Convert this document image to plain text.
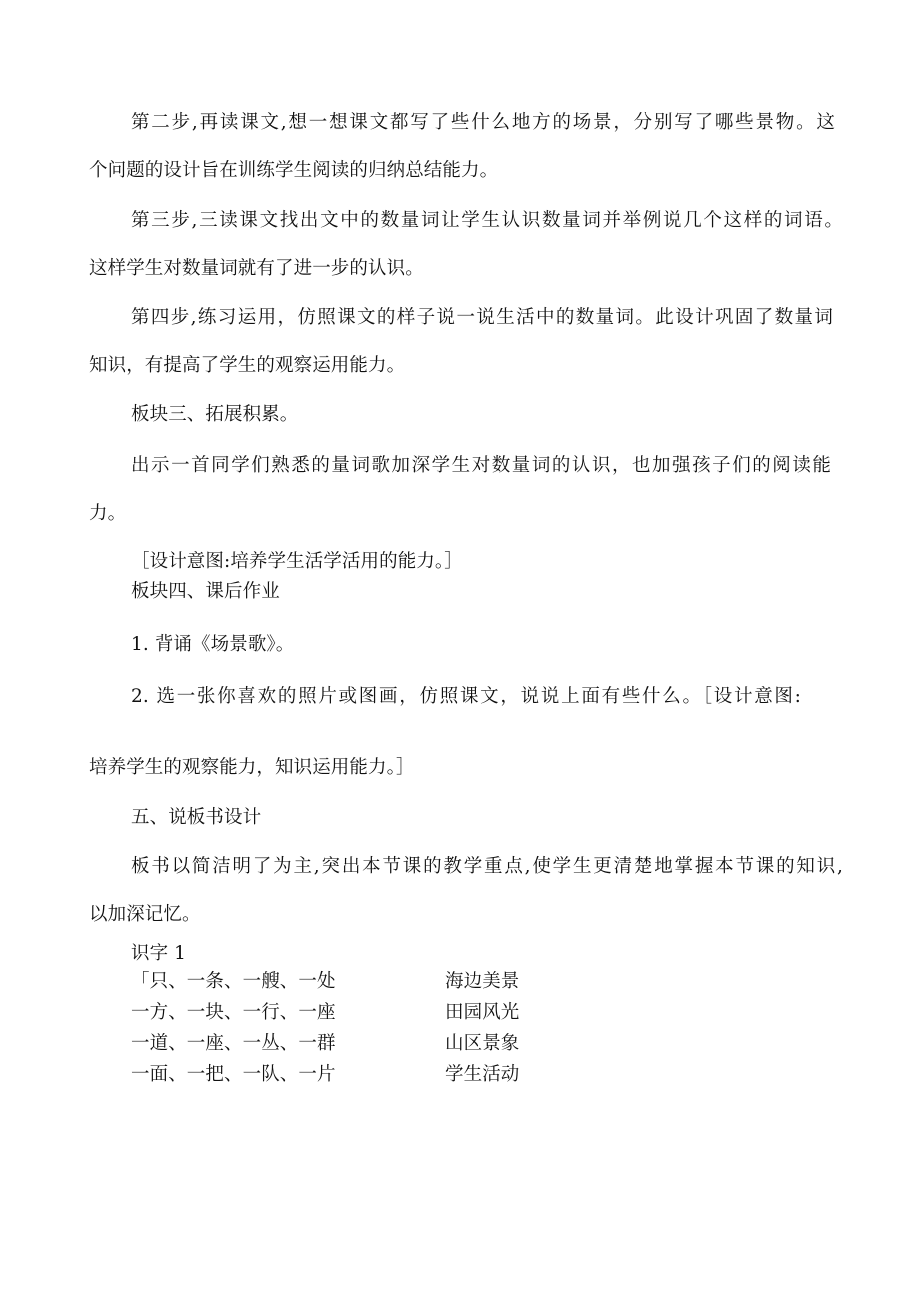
第二步,再读课文,想一想课文都写了些什么地方的场景，分别写了哪些景物。这
个问题的设计旨在训练学生阅读的归纳总结能力。
第三步,三读课文找出文中的数量词让学生认识数量词并举例说几个这样的词语。
这样学生对数量词就有了进一步的认识。
第四步,练习运用，仿照课文的样子说一说生活中的数量词。此设计巩固了数量词
知识，有提高了学生的观察运用能力。
板块三、拓展积累。
出示一首同学们熟悉的量词歌加深学生对数量词的认识，也加强孩子们的阅读能
力。
［设计意图:培养学生活学活用的能力。］
板块四、课后作业
1. 背诵《场景歌》。
2. 选一张你喜欢的照片或图画，仿照课文，说说上面有些什么。［设计意图:
培养学生的观察能力，知识运用能力。］
五、说板书设计
板书以简洁明了为主,突出本节课的教学重点,使学生更清楚地掌握本节课的知识,
以加深记忆。
识字 1
「只、一条、一艘、一处	海边美景
一方、一块、一行、一座	田园风光
一道、一座、一丛、一群	山区景象
一面、一把、一队、一片	学生活动
